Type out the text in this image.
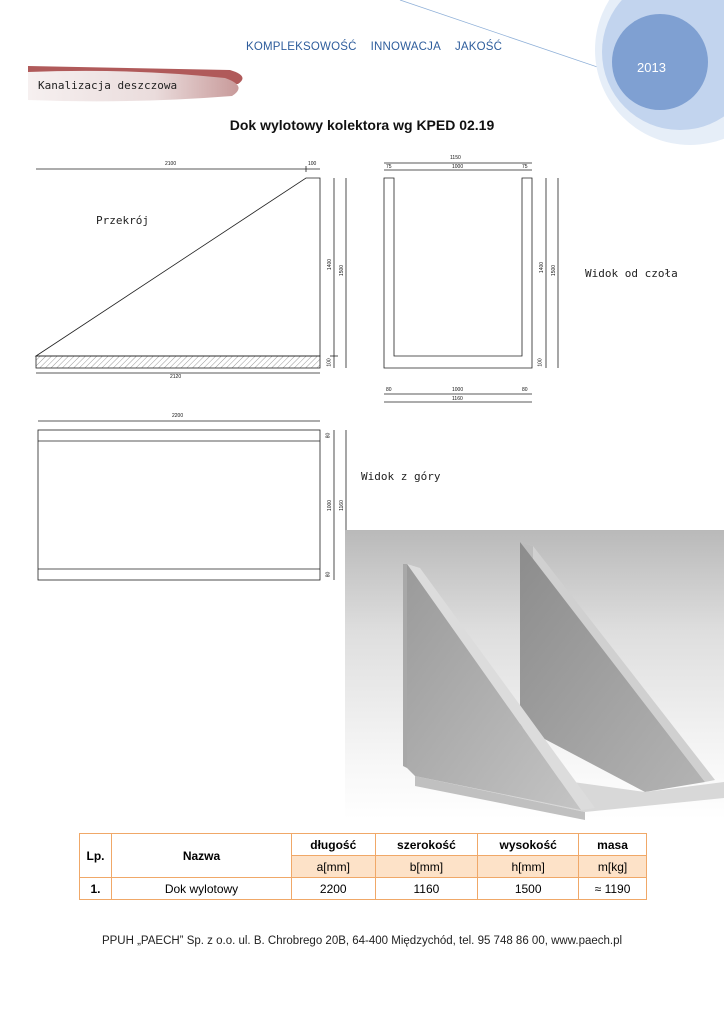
KOMPLEKSOWOŚĆ INNOWACJA JAKOŚĆ
2013
Kanalizacja deszczowa
Dok wylotowy kolektora wg KPED 02.19
Przekrój
Widok od czoła
Widok z góry
2100	100
1400
1500
100
2120
1150
75	1000	75
1400 1500
100
80	1000	80
1160
2200
80
1000 1160
80
Lp.	Nazwa	długość	szerokość	wysokość	masa
		a[mm]	b[mm]	h[mm]	m[kg]
1.	Dok wylotowy	2200	1160	1500	≈ 1190
PPUH „PAECH” Sp. z o.o. ul. B. Chrobrego 20B, 64-400 Międzychód, tel. 95 748 86 00, www.paech.pl
